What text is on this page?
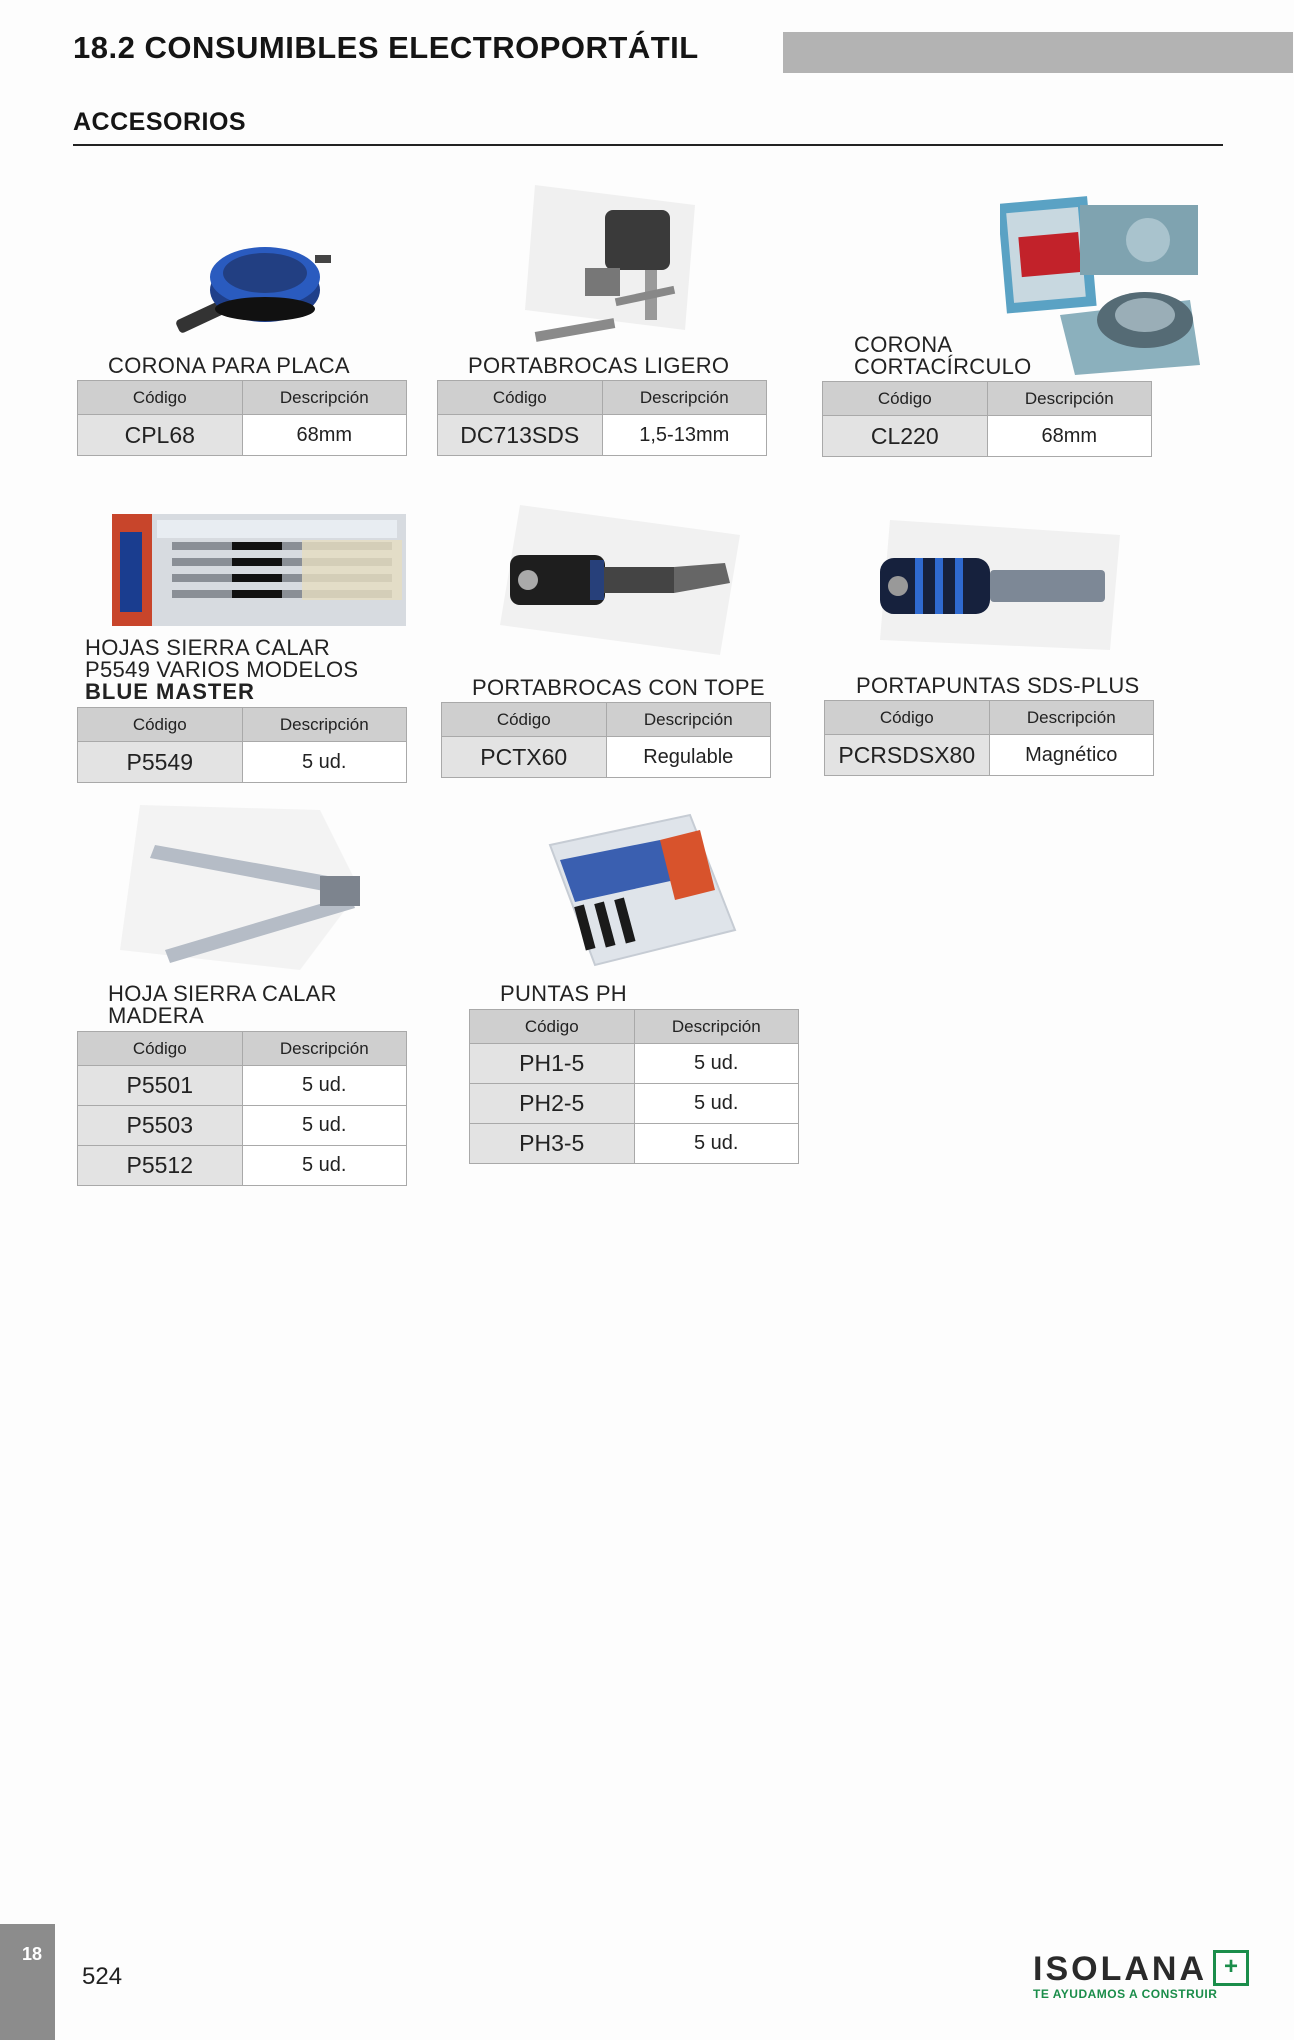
18.2 CONSUMIBLES ELECTROPORTÁTIL
ACCESORIOS
CORONA PARA PLACA
Código	Descripción
CPL68	68mm
PORTABROCAS LIGERO
Código	Descripción
DC713SDS	1,5-13mm
CORONA
CORTACÍRCULO
Código	Descripción
CL220	68mm
HOJAS SIERRA CALAR
P5549 VARIOS MODELOS
BLUE MASTER
Código	Descripción
P5549	5 ud.
PORTABROCAS CON TOPE
Código	Descripción
PCTX60	Regulable
PORTAPUNTAS SDS-PLUS
Código	Descripción
PCRSDSX80	Magnético
HOJA SIERRA CALAR
MADERA
Código	Descripción
P5501	5 ud.
P5503	5 ud.
P5512	5 ud.
PUNTAS PH
Código	Descripción
PH1-5	5 ud.
PH2-5	5 ud.
PH3-5	5 ud.
18
524	ISOLANA +
TE AYUDAMOS A CONSTRUIR
